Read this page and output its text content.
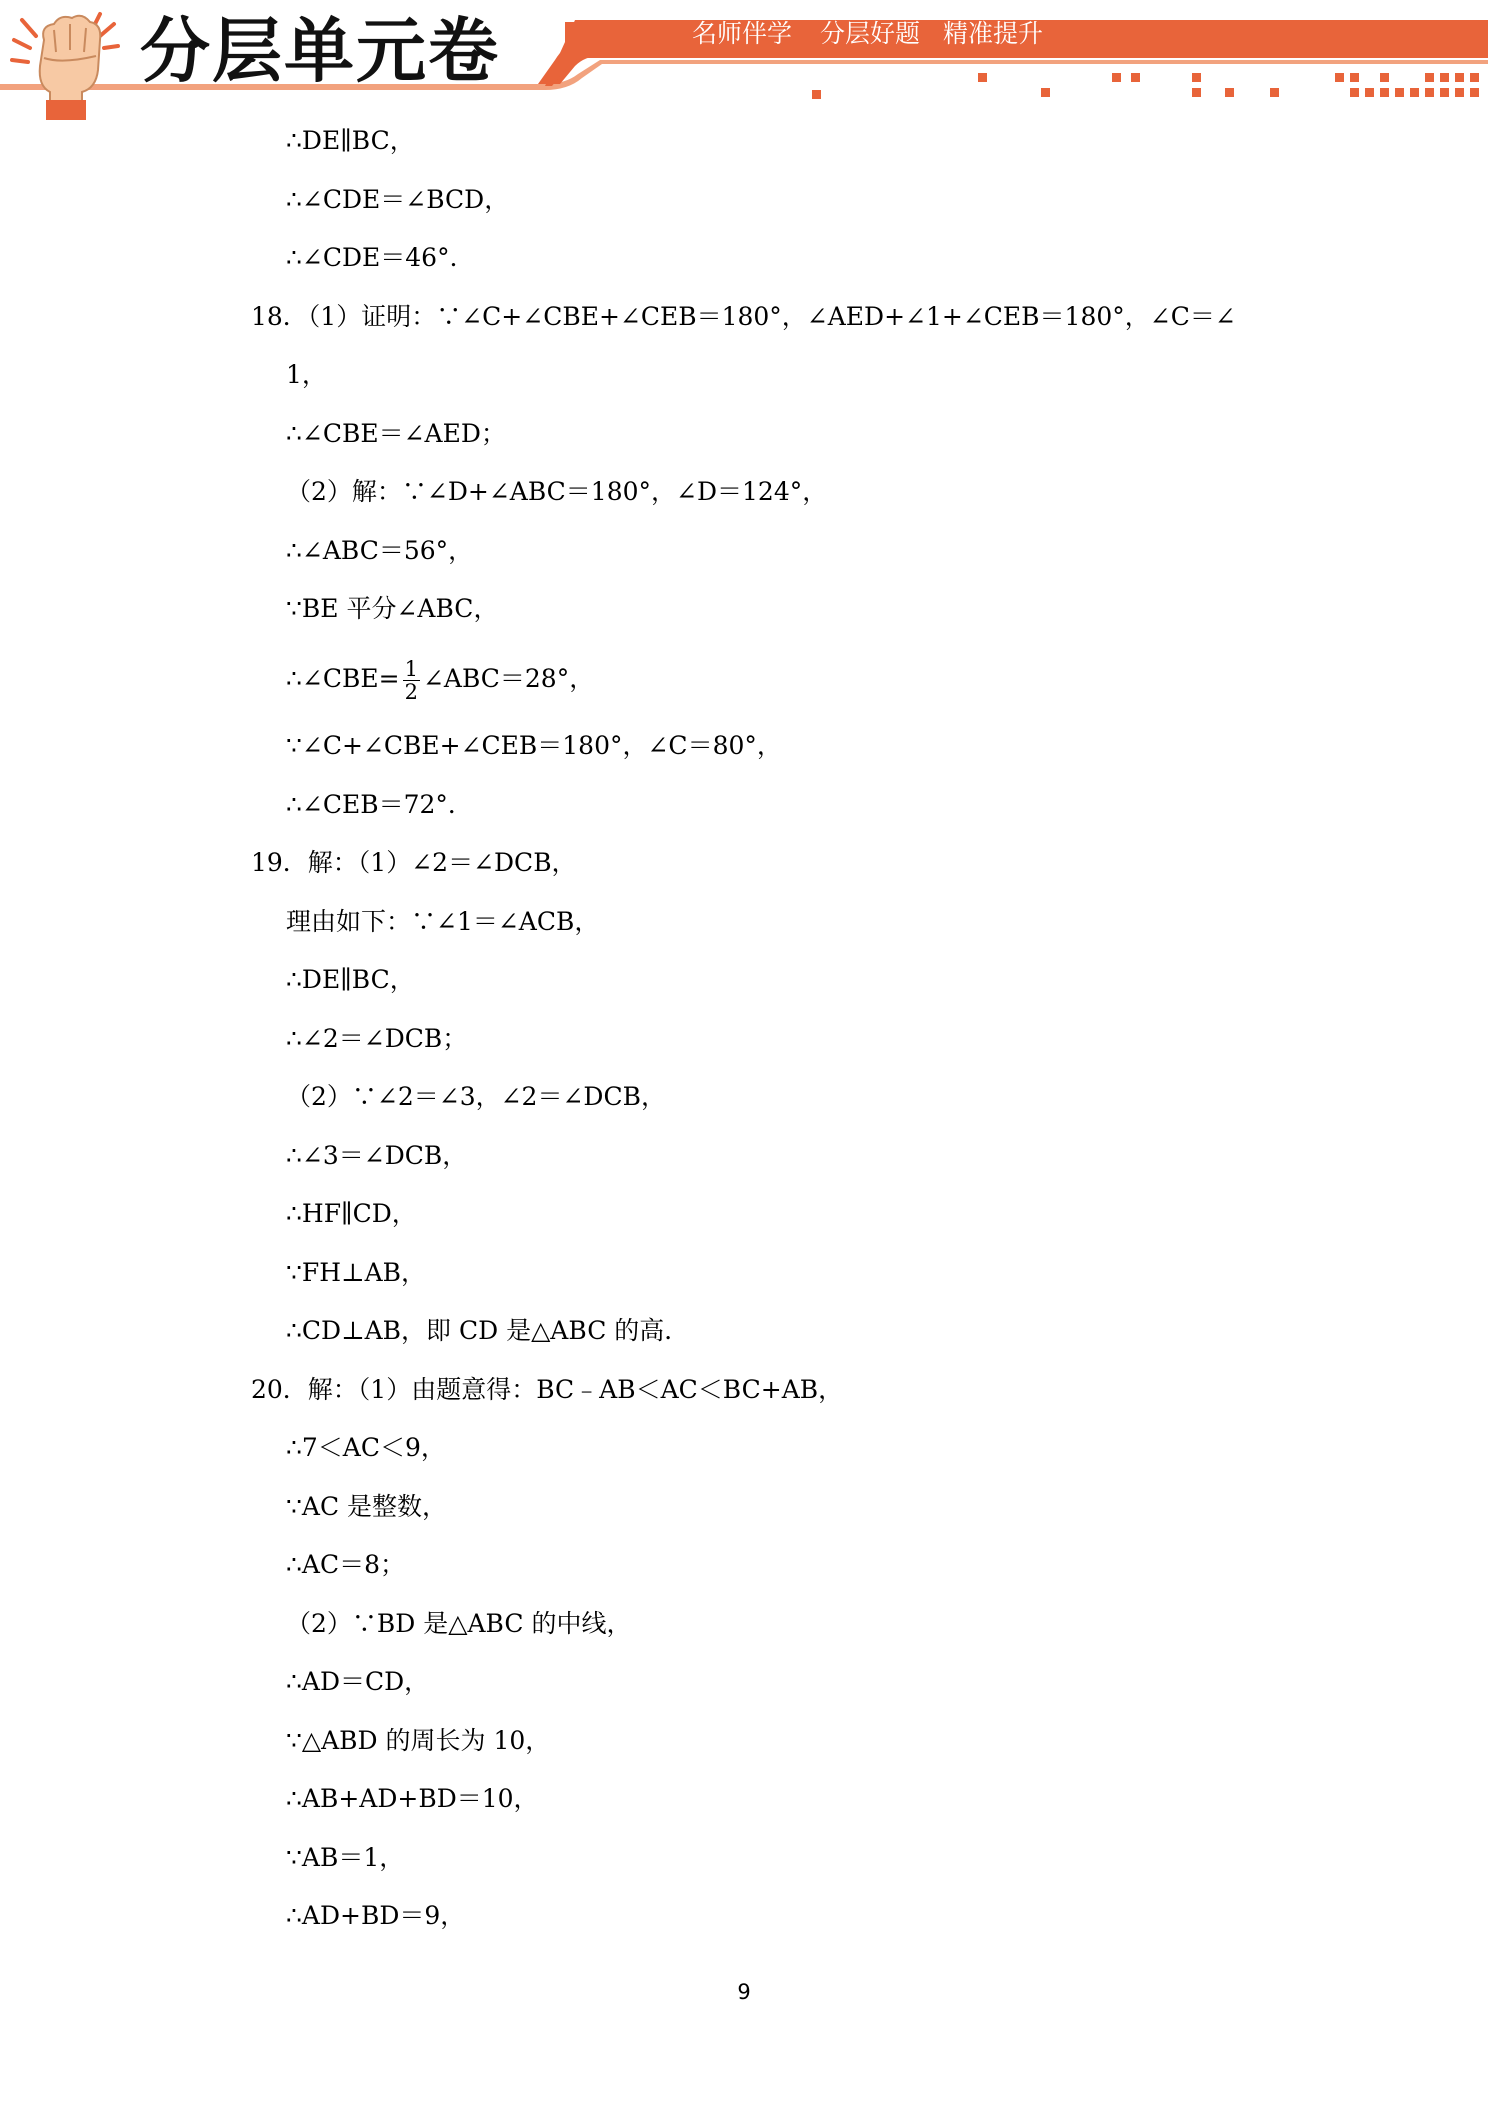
分层单元卷	名师伴学 分层好题 精准提升
∴DE∥BC，
∴∠CDE＝∠BCD，
∴∠CDE＝46°．
18．（1）证明：∵∠C+∠CBE+∠CEB＝180°，∠AED+∠1+∠CEB＝180°，∠C＝∠
1，
∴∠CBE＝∠AED；
（2）解：∵∠D+∠ABC＝180°，∠D＝124°，
∴∠ABC＝56°，
∵BE 平分∠ABC，
∴∠CBE= $\frac{1}{2}$ ∠ABC＝28°，
∵∠C+∠CBE+∠CEB＝180°，∠C＝80°，
∴∠CEB＝72°．
19．解：（1）∠2＝∠DCB，
理由如下：∵∠1＝∠ACB，
∴DE∥BC，
∴∠2＝∠DCB；
（2）∵∠2＝∠3，∠2＝∠DCB，
∴∠3＝∠DCB，
∴HF∥CD，
∵FH⊥AB，
∴CD⊥AB，即 CD 是△ABC 的高．
20．解：（1）由题意得：BC﹣AB＜AC＜BC+AB，
∴7＜AC＜9，
∵AC 是整数，
∴AC＝8；
（2）∵BD 是△ABC 的中线，
∴AD＝CD，
∵△ABD 的周长为 10，
∴AB+AD+BD＝10，
∵AB＝1，
∴AD+BD＝9，
9
